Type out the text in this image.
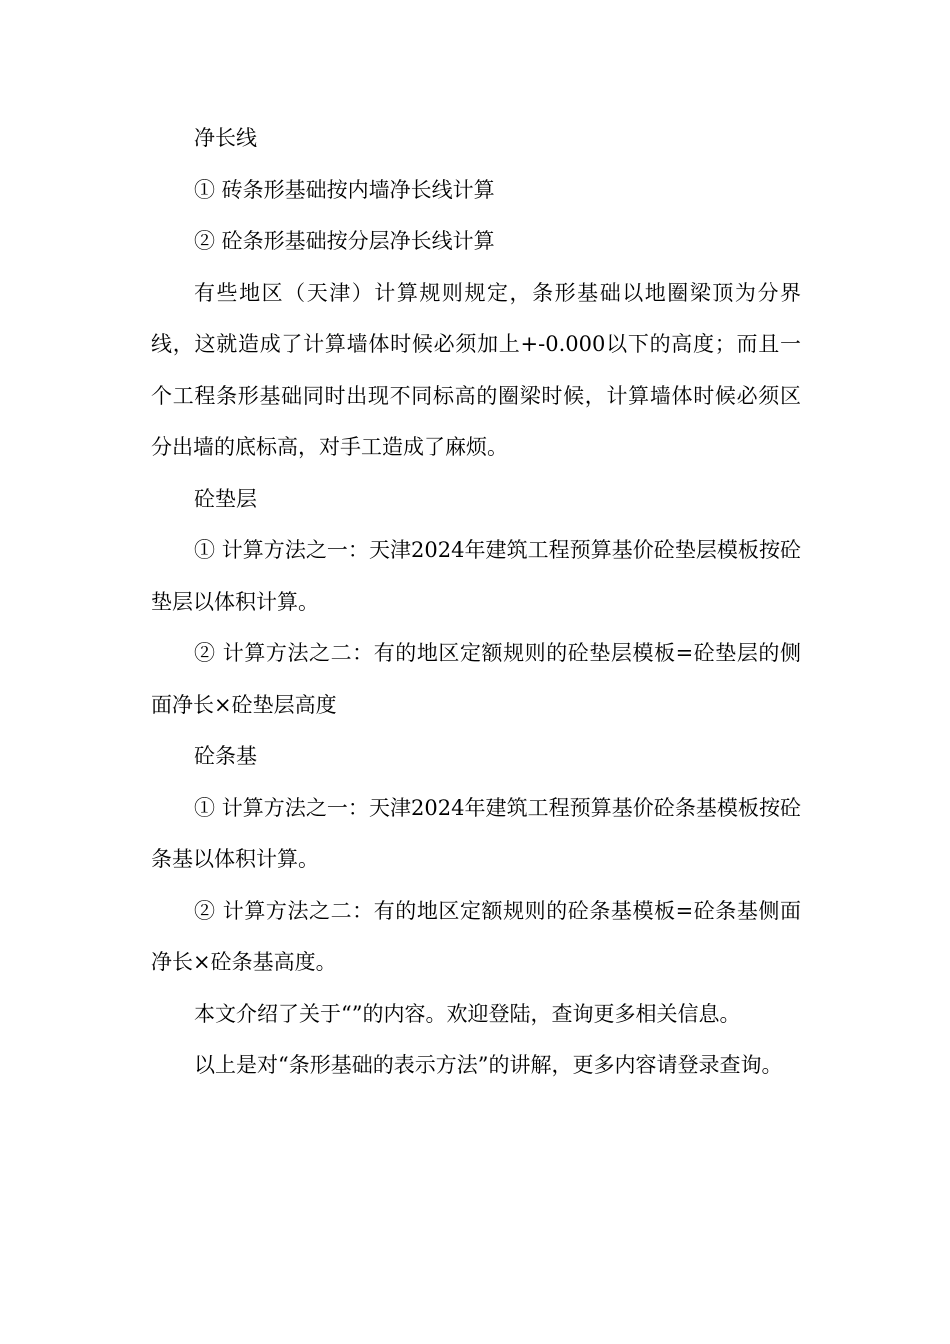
净长线

① 砖条形基础按内墙净长线计算

② 砼条形基础按分层净长线计算

有些地区（天津）计算规则规定，条形基础以地圈梁顶为分界线，这就造成了计算墙体时候必须加上+-0.000以下的高度；而且一个工程条形基础同时出现不同标高的圈梁时候，计算墙体时候必须区分出墙的底标高，对手工造成了麻烦。

砼垫层

① 计算方法之一：天津2024年建筑工程预算基价砼垫层模板按砼垫层以体积计算。

② 计算方法之二：有的地区定额规则的砼垫层模板=砼垫层的侧面净长×砼垫层高度

砼条基

① 计算方法之一：天津2024年建筑工程预算基价砼条基模板按砼条基以体积计算。

② 计算方法之二：有的地区定额规则的砼条基模板=砼条基侧面净长×砼条基高度。

本文介绍了关于“”的内容。欢迎登陆，查询更多相关信息。

以上是对“条形基础的表示方法”的讲解，更多内容请登录查询。
